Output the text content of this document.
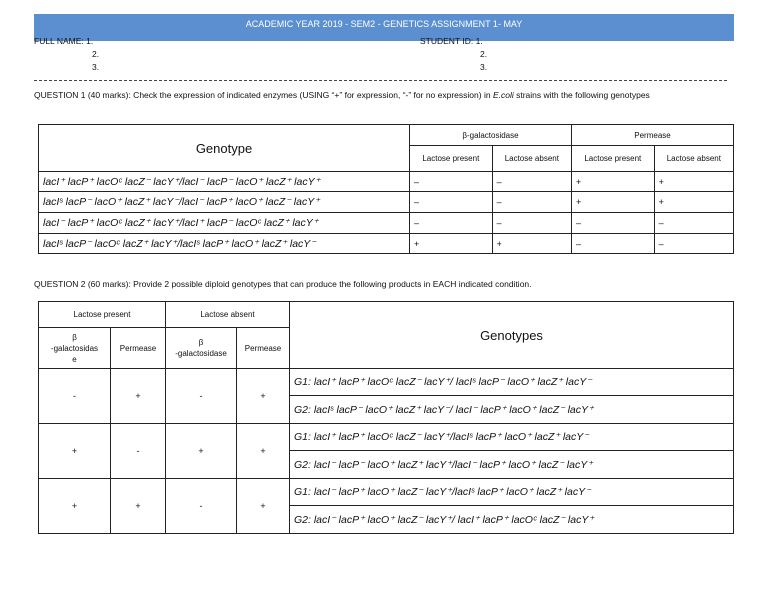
ACADEMIC YEAR 2019 - SEM2 - GENETICS ASSIGNMENT 1- MAY
FULL NAME: 1.
2.
3.
STUDENT ID: 1.
2.
3.
QUESTION 1 (40 marks): Check the expression of indicated enzymes (USING “+” for expression, “-” for no expression) in E.coli strains with the following genotypes
Genotype	β-galactosidase		Permease	
	Lactose present	Lactose absent	Lactose present	Lactose absent
lacI⁺ lacP⁺ lacOᶜ lacZ⁻ lacY⁺/lacI⁻ lacP⁻ lacO⁺ lacZ⁺ lacY⁺	–	–	+	+
lacIˢ lacP⁻ lacO⁺ lacZ⁺ lacY⁻/lacI⁻ lacP⁺ lacO⁺ lacZ⁻ lacY⁺	–	–	+	+
lacI⁻ lacP⁺ lacOᶜ lacZ⁺ lacY⁺/lacI⁺ lacP⁻ lacOᶜ lacZ⁺ lacY⁺	–	–	–	–
lacIˢ lacP⁻ lacOᶜ lacZ⁺ lacY⁺/lacIˢ lacP⁺ lacO⁺ lacZ⁺ lacY⁻	+	+	–	–
QUESTION 2 (60 marks): Provide 2 possible diploid genotypes that can produce the following products in EACH indicated condition.
Lactose present		Lactose absent		Genotypes
β
-galactosidas
e	Permease	β
-galactosidase	Permease	
-	+	-	+	G1: lacI⁺ lacP⁺ lacOᶜ lacZ⁻ lacY⁺/ lacIˢ lacP⁻ lacO⁺ lacZ⁺ lacY⁻
				G2: lacIˢ lacP⁻ lacO⁺ lacZ⁺ lacY⁻/ lacI⁻ lacP⁺ lacO⁺ lacZ⁻ lacY⁺
+	-	+	+	G1: lacI⁺ lacP⁺ lacOᶜ lacZ⁻ lacY⁺/lacIˢ lacP⁺ lacO⁺ lacZ⁺ lacY⁻
				G2: lacI⁻ lacP⁻ lacO⁺ lacZ⁺ lacY⁺/lacI⁻ lacP⁺ lacO⁺ lacZ⁻ lacY⁺
+	+	-	+	G1: lacI⁻ lacP⁺ lacO⁺ lacZ⁻ lacY⁺/lacIˢ lacP⁺ lacO⁺ lacZ⁺ lacY⁻
				G2: lacI⁻ lacP⁺ lacO⁺ lacZ⁻ lacY⁺/ lacI⁺ lacP⁺ lacOᶜ lacZ⁻ lacY⁺
